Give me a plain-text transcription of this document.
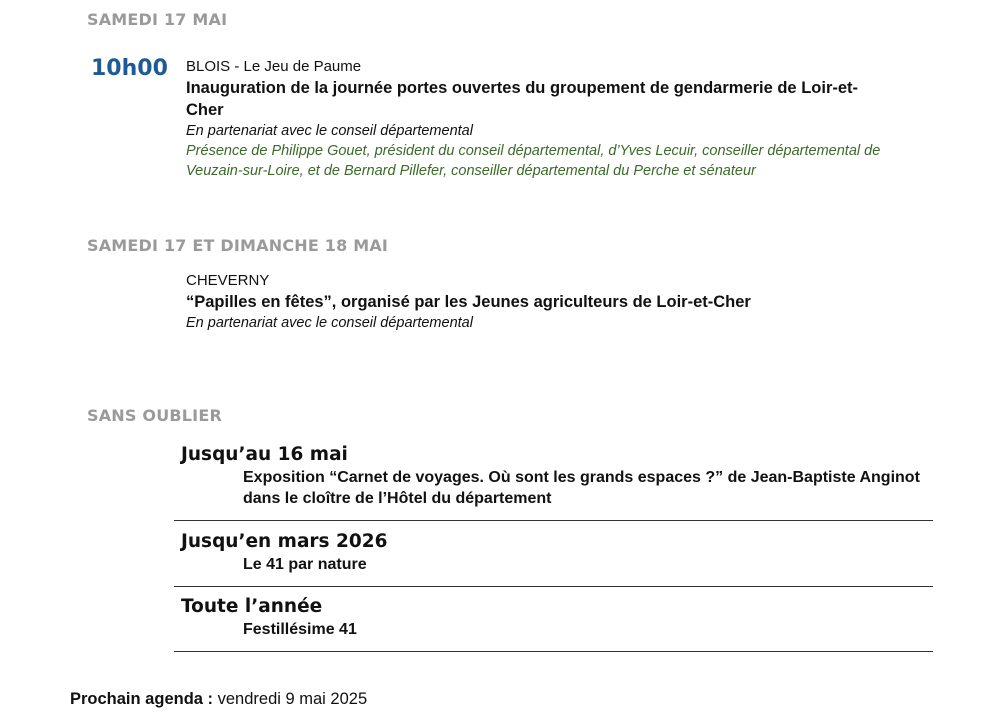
SAMEDI 17 MAI
10h00 BLOIS - Le Jeu de Paume
Inauguration de la journée portes ouvertes du groupement de gendarmerie de Loir-et-Cher
En partenariat avec le conseil départemental
Présence de Philippe Gouet, président du conseil départemental, d’Yves Lecuir, conseiller départemental de Veuzain-sur-Loire, et de Bernard Pillefer, conseiller départemental du Perche et sénateur
SAMEDI 17 ET DIMANCHE 18 MAI
CHEVERNY
“Papilles en fêtes”, organisé par les Jeunes agriculteurs de Loir-et-Cher
En partenariat avec le conseil départemental
SANS OUBLIER
Jusqu’au 16 mai
Exposition “Carnet de voyages. Où sont les grands espaces ?” de Jean-Baptiste Anginot dans le cloître de l’Hôtel du département
Jusqu’en mars 2026
Le 41 par nature
Toute l’année
Festillésime 41
Prochain agenda : vendredi 9 mai 2025
